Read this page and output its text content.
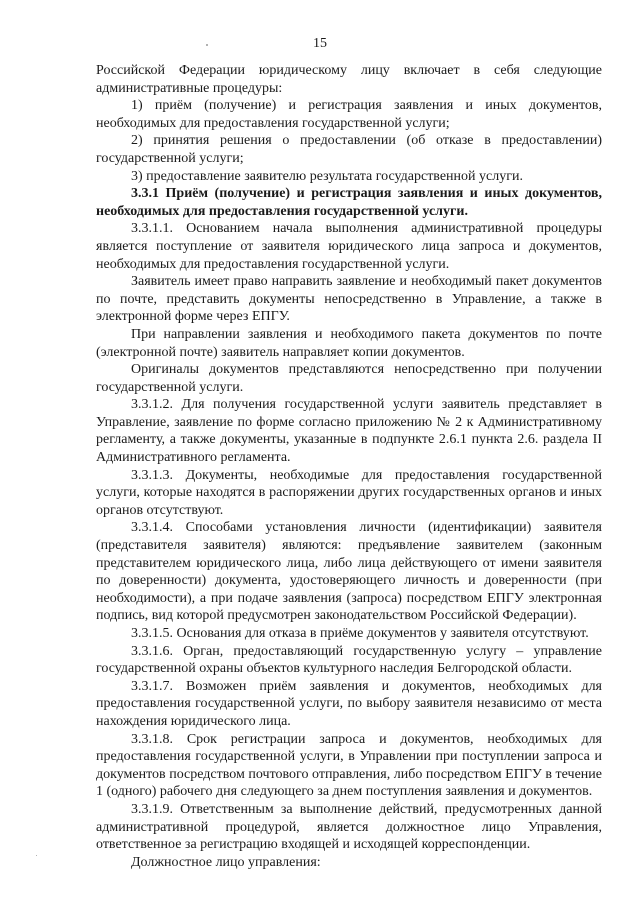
15

Российской Федерации юридическому лицу включает в себя следующие административные процедуры:

1) приём (получение) и регистрация заявления и иных документов, необходимых для предоставления государственной услуги;

2) принятия решения о предоставлении (об отказе в предоставлении) государственной услуги;

3) предоставление заявителю результата государственной услуги.

3.3.1 Приём (получение) и регистрация заявления и иных документов, необходимых для предоставления государственной услуги.

3.3.1.1. Основанием начала выполнения административной процедуры является поступление от заявителя юридического лица запроса и документов, необходимых для предоставления государственной услуги.

Заявитель имеет право направить заявление и необходимый пакет документов по почте, представить документы непосредственно в Управление, а также в электронной форме через ЕПГУ.

При направлении заявления и необходимого пакета документов по почте (электронной почте) заявитель направляет копии документов.

Оригиналы документов представляются непосредственно при получении государственной услуги.

3.3.1.2. Для получения государственной услуги заявитель представляет в Управление, заявление по форме согласно приложению № 2 к Административному регламенту, а также документы, указанные в подпункте 2.6.1 пункта 2.6. раздела II Административного регламента.

3.3.1.3. Документы, необходимые для предоставления государственной услуги, которые находятся в распоряжении других государственных органов и иных органов отсутствуют.

3.3.1.4. Способами установления личности (идентификации) заявителя (представителя заявителя) являются: предъявление заявителем (законным представителем юридического лица, либо лица действующего от имени заявителя по доверенности) документа, удостоверяющего личность и доверенности (при необходимости), а при подаче заявления (запроса) посредством ЕПГУ электронная подпись, вид которой предусмотрен законодательством Российской Федерации).

3.3.1.5. Основания для отказа в приёме документов у заявителя отсутствуют.

3.3.1.6. Орган, предоставляющий государственную услугу – управление государственной охраны объектов культурного наследия Белгородской области.

3.3.1.7. Возможен приём заявления и документов, необходимых для предоставления государственной услуги, по выбору заявителя независимо от места нахождения юридического лица.

3.3.1.8. Срок регистрации запроса и документов, необходимых для предоставления государственной услуги, в Управлении при поступлении запроса и документов посредством почтового отправления, либо посредством ЕПГУ в течение 1 (одного) рабочего дня следующего за днем поступления заявления и документов.

3.3.1.9. Ответственным за выполнение действий, предусмотренных данной административной процедурой, является должностное лицо Управления, ответственное за регистрацию входящей и исходящей корреспонденции.

Должностное лицо управления:
